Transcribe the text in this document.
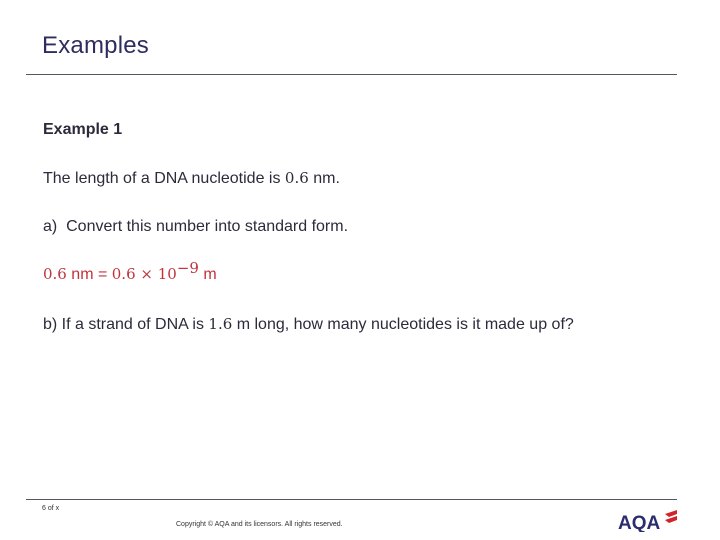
Examples
Example 1
The length of a DNA nucleotide is 0.6 nm.
a) Convert this number into standard form.
0.6 nm = $0.6 \times 10^{-9}$ m
b) If a strand of DNA is 1.6 m long, how many nucleotides is it made up of?
6 of x
Copyright © AQA and its licensors. All rights reserved.	AQA
